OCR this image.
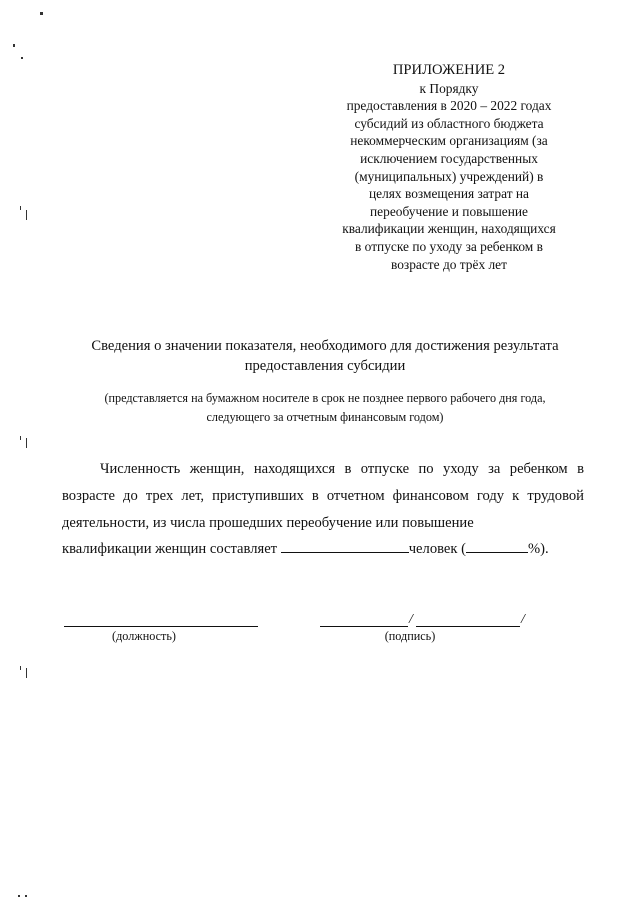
ПРИЛОЖЕНИЕ 2
к Порядку
предоставления в 2020 – 2022 годах
субсидий из областного бюджета
некоммерческим организациям (за
исключением государственных
(муниципальных) учреждений) в
целях возмещения затрат на
переобучение и повышение
квалификации женщин, находящихся
в отпуске по уходу за ребенком в
возрасте до трёх лет
Сведения о значении показателя, необходимого для достижения результата
предоставления субсидии
(представляется на бумажном носителе в срок не позднее первого рабочего дня года,
следующего за отчетным финансовым годом)
Численность женщин, находящихся в отпуске по уходу за ребенком в возрасте до трех лет, приступивших в отчетном финансовом году к трудовой деятельности, из числа прошедших переобучение или повышение
квалификации женщин составляет	человек (	%).
(должность)
/	/
(подпись)
